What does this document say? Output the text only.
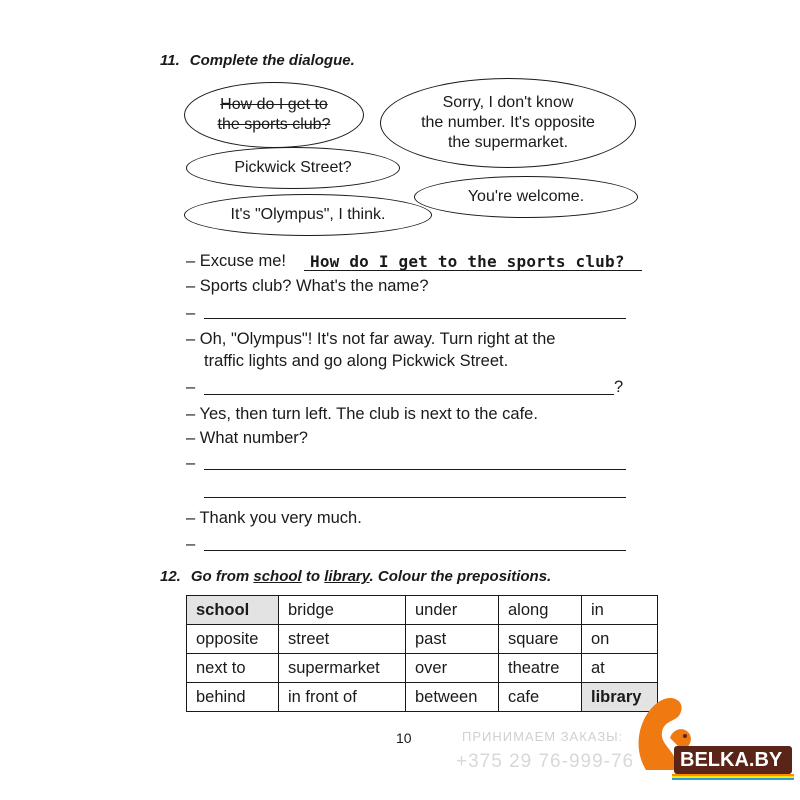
11. Complete the dialogue.
How do I get to
the sports club?
Sorry, I don't know
the number. It's opposite
the supermarket.
Pickwick Street?
You're welcome.
It's "Olympus", I think.
– Excuse me! How do I get to the sports club?
– Sports club? What's the name?
–
– Oh, "Olympus"! It's not far away. Turn right at the
traffic lights and go along Pickwick Street.
–	?
– Yes, then turn left. The club is next to the cafe.
– What number?
–
– Thank you very much.
–
12. Go from school to library. Colour the prepositions.
school	bridge	under	along	in
opposite	street	past	square	on
next to	supermarket	over	theatre	at
behind	in front of	between	cafe	library
10	ПРИНИМАЕМ ЗАКАЗЫ:
+375 29 76-999-76	BELKA.BY
